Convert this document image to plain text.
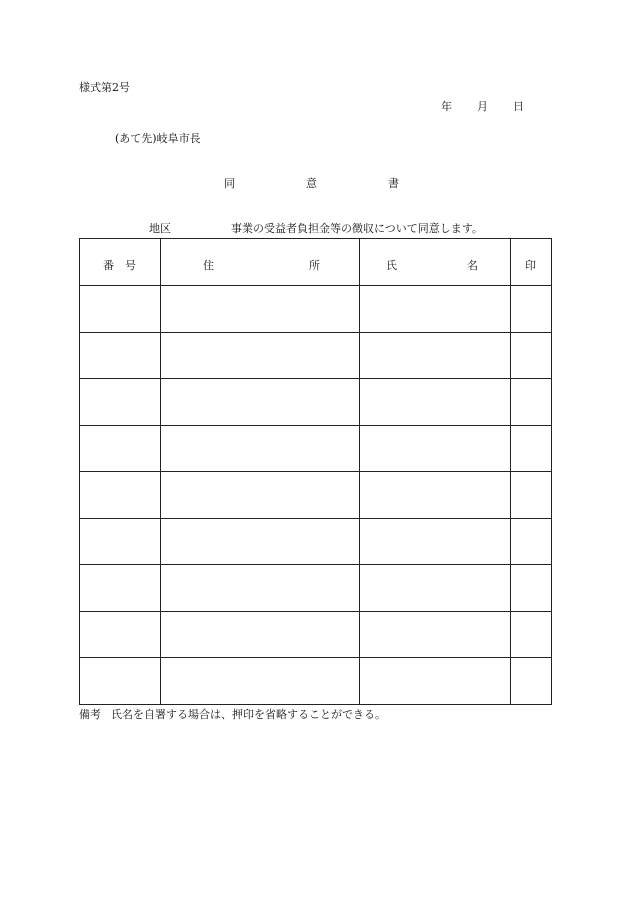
様式第2号
年 月 日
(あて先)岐阜市長
同	意	書
地区	事業の受益者負担金等の徴収について同意します。
番 号	住 所	氏 名	印

備考 氏名を自署する場合は、押印を省略することができる。
